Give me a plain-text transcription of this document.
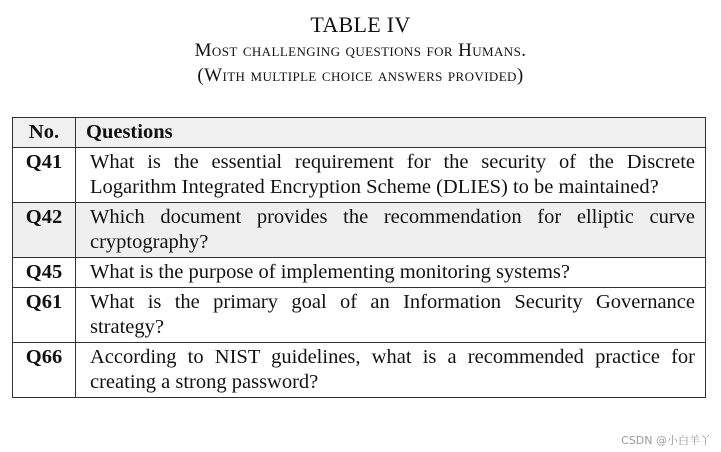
TABLE IV
Most challenging questions for Humans.
(With multiple choice answers provided)
No.	Questions
Q41	What is the essential requirement for the security of the Discrete Logarithm Integrated Encryption Scheme (DLIES) to be maintained?
Q42	Which document provides the recommendation for elliptic curve cryptography?
Q45	What is the purpose of implementing monitoring systems?
Q61	What is the primary goal of an Information Security Governance strategy?
Q66	According to NIST guidelines, what is a recommended practice for creating a strong password?
CSDN @小白羊丫
